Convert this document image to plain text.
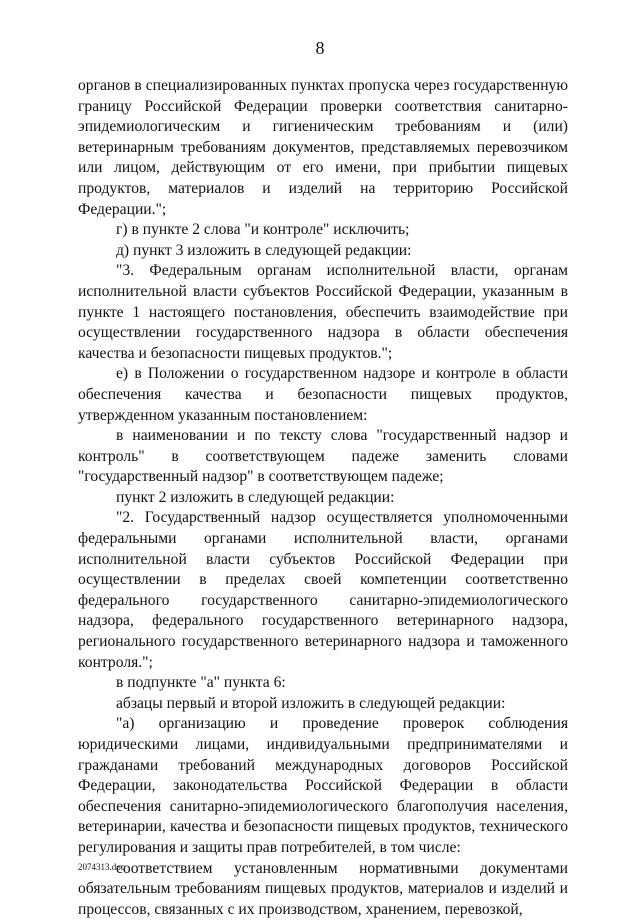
8

органов в специализированных пунктах пропуска через государственную границу Российской Федерации проверки соответствия санитарно-эпидемиологическим и гигиеническим требованиям и (или) ветеринарным требованиям документов, представляемых перевозчиком или лицом, действующим от его имени, при прибытии пищевых продуктов, материалов и изделий на территорию Российской Федерации.";

г) в пункте 2 слова "и контроле" исключить;

д) пункт 3 изложить в следующей редакции:

"3. Федеральным органам исполнительной власти, органам исполнительной власти субъектов Российской Федерации, указанным в пункте 1 настоящего постановления, обеспечить взаимодействие при осуществлении государственного надзора в области обеспечения качества и безопасности пищевых продуктов.";

е) в Положении о государственном надзоре и контроле в области обеспечения качества и безопасности пищевых продуктов, утвержденном указанным постановлением:

в наименовании и по тексту слова "государственный надзор и контроль" в соответствующем падеже заменить словами "государственный надзор" в соответствующем падеже;

пункт 2 изложить в следующей редакции:

"2. Государственный надзор осуществляется уполномоченными федеральными органами исполнительной власти, органами исполнительной власти субъектов Российской Федерации при осуществлении в пределах своей компетенции соответственно федерального государственного санитарно-эпидемиологического надзора, федерального государственного ветеринарного надзора, регионального государственного ветеринарного надзора и таможенного контроля.";

в подпункте "а" пункта 6:

абзацы первый и второй изложить в следующей редакции:

"а) организацию и проведение проверок соблюдения юридическими лицами, индивидуальными предпринимателями и гражданами требований международных договоров Российской Федерации, законодательства Российской Федерации в области обеспечения санитарно-эпидемиологического благополучия населения, ветеринарии, качества и безопасности пищевых продуктов, технического регулирования и защиты прав потребителей, в том числе:

соответствием установленным нормативными документами обязательным требованиям пищевых продуктов, материалов и изделий и процессов, связанных с их производством, хранением, перевозкой,

2074313.doc
